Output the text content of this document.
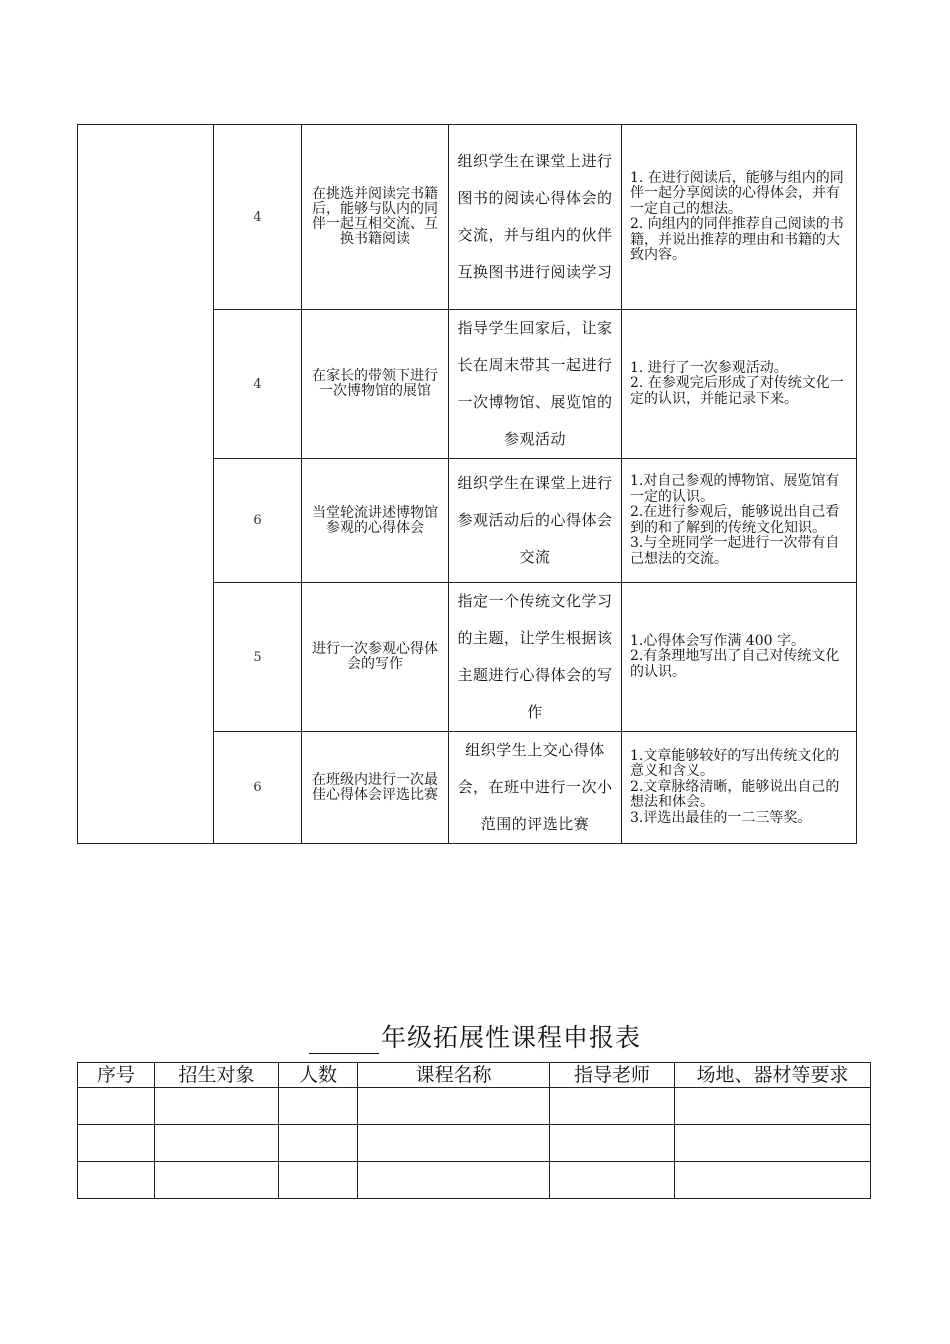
	4	在挑选并阅读完书籍后，能够与队内的同伴一起互相交流、互换书籍阅读	组织学生在课堂上进行图书的阅读心得体会的交流，并与组内的伙伴互换图书进行阅读学习	1. 在进行阅读后，能够与组内的同伴一起分享阅读的心得体会，并有一定自己的想法。
2. 向组内的同伴推荐自己阅读的书籍，并说出推荐的理由和书籍的大致内容。

	4	在家长的带领下进行一次博物馆的展馆	指导学生回家后，让家长在周末带其一起进行一次博物馆、展览馆的参观活动	1. 进行了一次参观活动。
2. 在参观完后形成了对传统文化一定的认识，并能记录下来。

	6	当堂轮流讲述博物馆参观的心得体会	组织学生在课堂上进行参观活动后的心得体会交流	1.对自己参观的博物馆、展览馆有一定的认识。
2.在进行参观后，能够说出自己看到的和了解到的传统文化知识。
3.与全班同学一起进行一次带有自己想法的交流。

	5	进行一次参观心得体会的写作	指定一个传统文化学习的主题，让学生根据该主题进行心得体会的写作	1.心得体会写作满 400 字。
2.有条理地写出了自己对传统文化的认识。

	6	在班级内进行一次最佳心得体会评选比赛	组织学生上交心得体会，在班中进行一次小范围的评选比赛	1.文章能够较好的写出传统文化的意义和含义。
2.文章脉络清晰，能够说出自己的想法和体会。
3.评选出最佳的一二三等奖。
年级拓展性课程申报表
序号	招生对象	人数	课程名称	指导老师	场地、器材等要求
